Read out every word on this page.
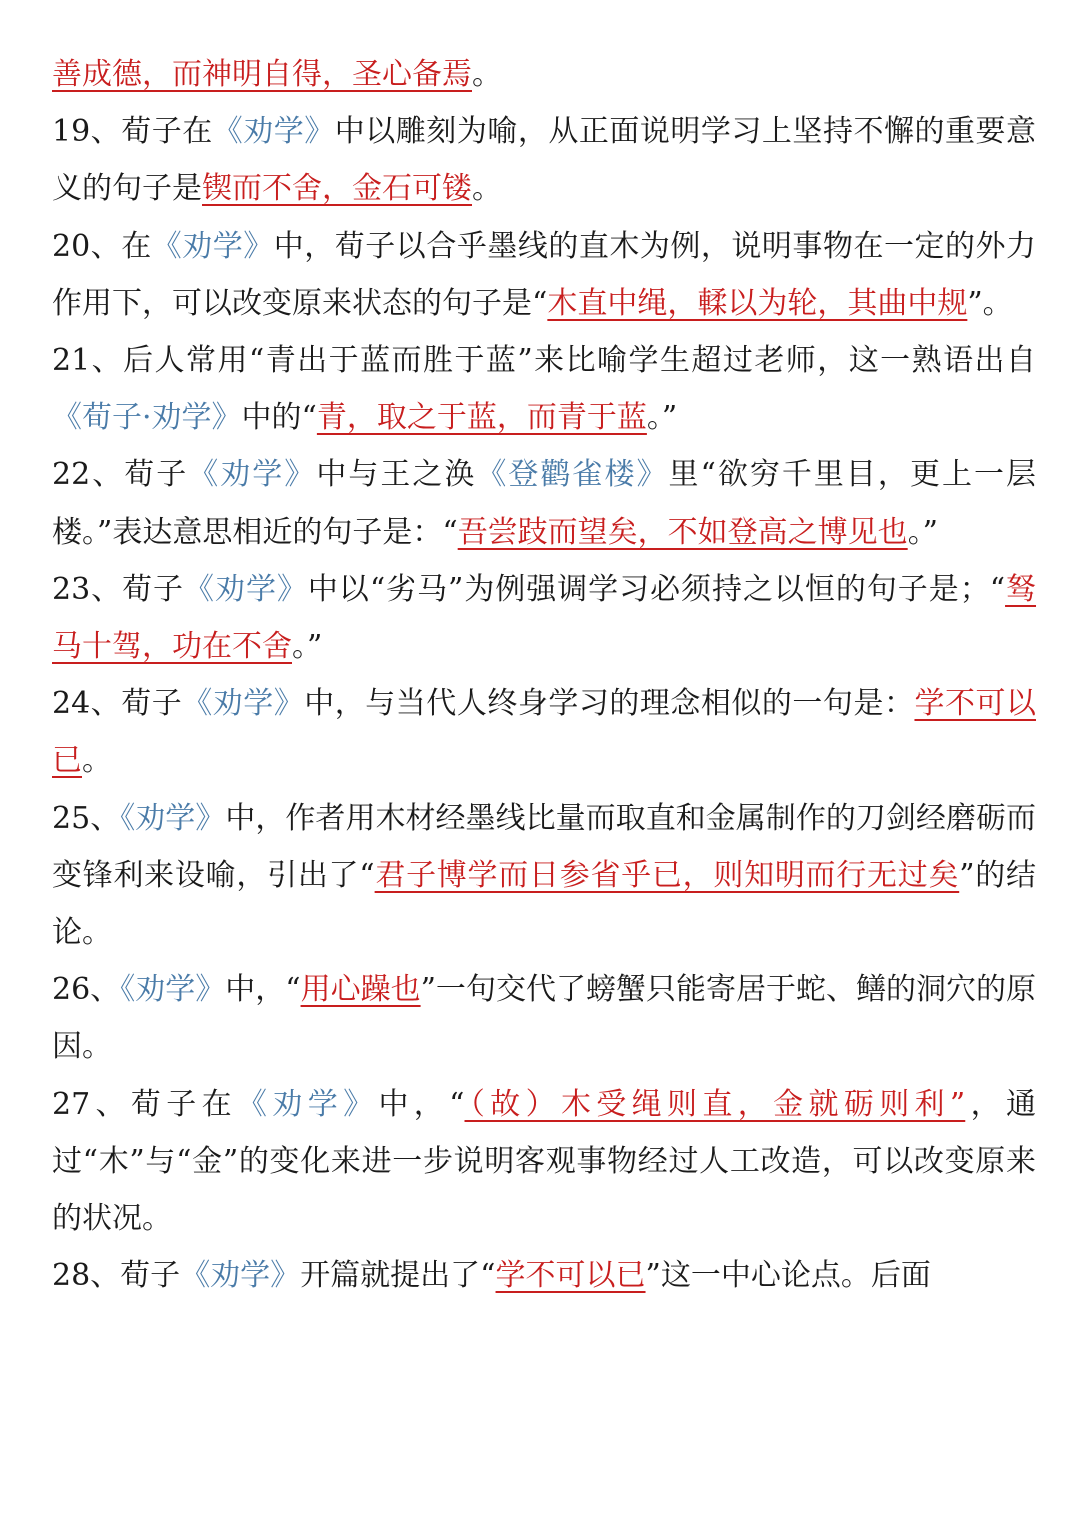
善成德，而神明自得，圣心备焉。

19、荀子在《劝学》中以雕刻为喻，从正面说明学习上坚持不懈的重要意义的句子是锲而不舍，金石可镂。

20、在《劝学》中，荀子以合乎墨线的直木为例，说明事物在一定的外力作用下，可以改变原来状态的句子是“木直中绳，輮以为轮，其曲中规”。

21、后人常用“青出于蓝而胜于蓝”来比喻学生超过老师，这一熟语出自《荀子·劝学》中的“青，取之于蓝，而青于蓝。”

22、荀子《劝学》中与王之涣《登鹳雀楼》里“欲穷千里目，更上一层楼。”表达意思相近的句子是：“吾尝跂而望矣，不如登高之博见也。”

23、荀子《劝学》中以“劣马”为例强调学习必须持之以恒的句子是；“驽马十驾，功在不舍。”

24、荀子《劝学》中，与当代人终身学习的理念相似的一句是：学不可以已。

25、《劝学》中，作者用木材经墨线比量而取直和金属制作的刀剑经磨砺而变锋利来设喻，引出了“君子博学而日参省乎已，则知明而行无过矣”的结论。

26、《劝学》中，“用心躁也”一句交代了螃蟹只能寄居于蛇、鳝的洞穴的原因。

27、荀子在《劝学》中，“（故）木受绳则直，金就砺则利”，通过“木”与“金”的变化来进一步说明客观事物经过人工改造，可以改变原来的状况。

28、荀子《劝学》开篇就提出了“学不可以已”这一中心论点。后面
